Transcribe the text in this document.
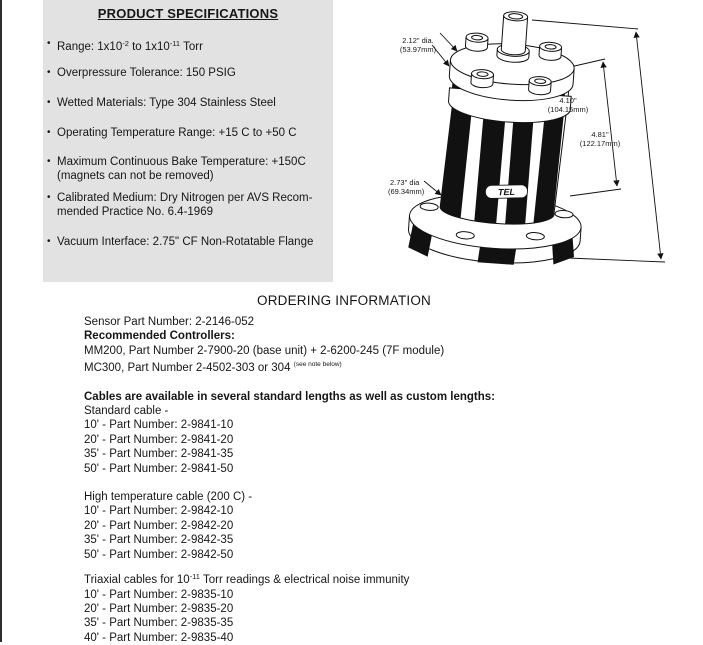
PRODUCT SPECIFICATIONS
• Range: $1x10^{-2}$ to $1x10^{-11}$ Torr
• Overpressure Tolerance: 150 PSIG
• Wetted Materials: Type 304 Stainless Steel
• Operating Temperature Range: +15 C to +50 C
• Maximum Continuous Bake Temperature: +150C
(magnets can not be removed)
• Calibrated Medium: Dry Nitrogen per AVS Recom-
mended Practice No. 6.4-1969
• Vacuum Interface: 2.75" CF Non-Rotatable Flange
TEL
2.12" dia.
(53.97mm)
4.10"
(104.15mm)
4.81"
(122.17mm)
2.73" dia
(69.34mm)
ORDERING INFORMATION
Sensor Part Number: 2-2146-052
Recommended Controllers:
MM200, Part Number 2-7900-20 (base unit) + 2-6200-245 (7F module)
MC300, Part Number 2-4502-303 or 304 $^{(see note below)}$
Cables are available in several standard lengths as well as custom lengths:
Standard cable -
10' - Part Number: 2-9841-10
20' - Part Number: 2-9841-20
35' - Part Number: 2-9841-35
50' - Part Number: 2-9841-50
High temperature cable (200 C) -
10' - Part Number: 2-9842-10
20' - Part Number: 2-9842-20
35' - Part Number: 2-9842-35
50' - Part Number: 2-9842-50
Triaxial cables for $10^{-11}$ Torr readings & electrical noise immunity
10' - Part Number: 2-9835-10
20' - Part Number: 2-9835-20
35' - Part Number: 2-9835-35
40' - Part Number: 2-9835-40
